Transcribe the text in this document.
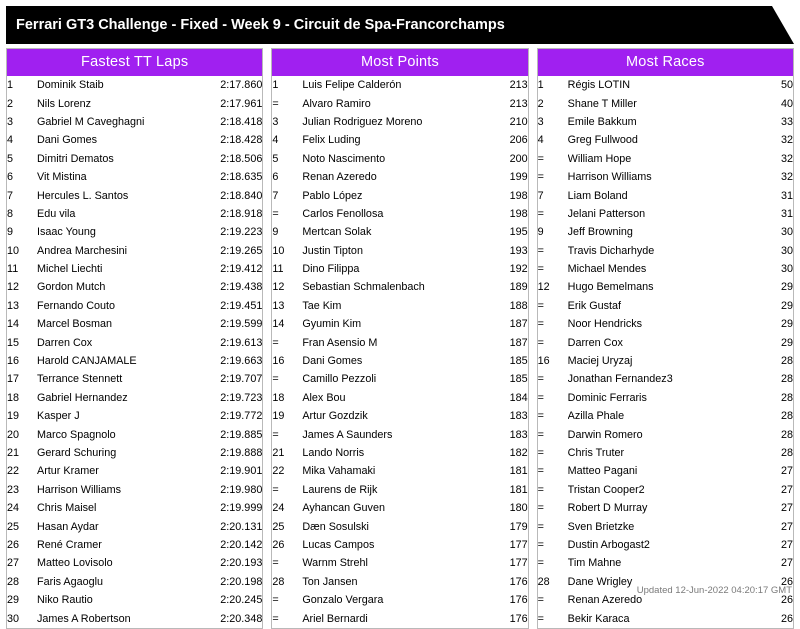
Ferrari GT3 Challenge - Fixed - Week 9 - Circuit de Spa-Francorchamps
Fastest TT Laps
1	Dominik Staib	2:17.860
2	Nils Lorenz	2:17.961
3	Gabriel M Caveghagni	2:18.418
4	Dani Gomes	2:18.428
5	Dimitri Dematos	2:18.506
6	Vit Mistina	2:18.635
7	Hercules L. Santos	2:18.840
8	Edu vila	2:18.918
9	Isaac Young	2:19.223
10	Andrea Marchesini	2:19.265
11	Michel Liechti	2:19.412
12	Gordon Mutch	2:19.438
13	Fernando Couto	2:19.451
14	Marcel Bosman	2:19.599
15	Darren Cox	2:19.613
16	Harold CANJAMALE	2:19.663
17	Terrance Stennett	2:19.707
18	Gabriel Hernandez	2:19.723
19	Kasper J	2:19.772
20	Marco Spagnolo	2:19.885
21	Gerard Schuring	2:19.888
22	Artur Kramer	2:19.901
23	Harrison Williams	2:19.980
24	Chris Maisel	2:19.999
25	Hasan Aydar	2:20.131
26	René Cramer	2:20.142
27	Matteo Lovisolo	2:20.193
28	Faris Agaoglu	2:20.198
29	Niko Rautio	2:20.245
30	James A Robertson	2:20.348
Most Points
1	Luis Felipe Calderón	213
=	Alvaro Ramiro	213
3	Julian Rodriguez Moreno	210
4	Felix Luding	206
5	Noto Nascimento	200
6	Renan Azeredo	199
7	Pablo López	198
=	Carlos Fenollosa	198
9	Mertcan Solak	195
10	Justin Tipton	193
11	Dino Filippa	192
12	Sebastian Schmalenbach	189
13	Tae Kim	188
14	Gyumin Kim	187
=	Fran Asensio M	187
16	Dani Gomes	185
=	Camillo Pezzoli	185
18	Alex Bou	184
19	Artur Gozdzik	183
=	James A Saunders	183
21	Lando Norris	182
22	Mika Vahamaki	181
=	Laurens de Rijk	181
24	Ayhancan Guven	180
25	Dæn Sosulski	179
26	Lucas Campos	177
=	Warnm Strehl	177
28	Ton Jansen	176
=	Gonzalo Vergara	176
=	Ariel Bernardi	176
Most Races
1	Régis LOTIN	50
2	Shane T Miller	40
3	Emile Bakkum	33
4	Greg Fullwood	32
=	William Hope	32
=	Harrison Williams	32
7	Liam Boland	31
=	Jelani Patterson	31
9	Jeff Browning	30
=	Travis Dicharhyde	30
=	Michael Mendes	30
12	Hugo Bemelmans	29
=	Erik Gustaf	29
=	Noor Hendricks	29
=	Darren Cox	29
16	Maciej Uryzaj	28
=	Jonathan Fernandez3	28
=	Dominic Ferraris	28
=	Azilla Phale	28
=	Darwin Romero	28
=	Chris Truter	28
=	Matteo Pagani	27
=	Tristan Cooper2	27
=	Robert D Murray	27
=	Sven Brietzke	27
=	Dustin Arbogast2	27
=	Tim Mahne	27
28	Dane Wrigley	26
=	Renan Azeredo	26
=	Bekir Karaca	26
Updated 12-Jun-2022 04:20:17 GMT
